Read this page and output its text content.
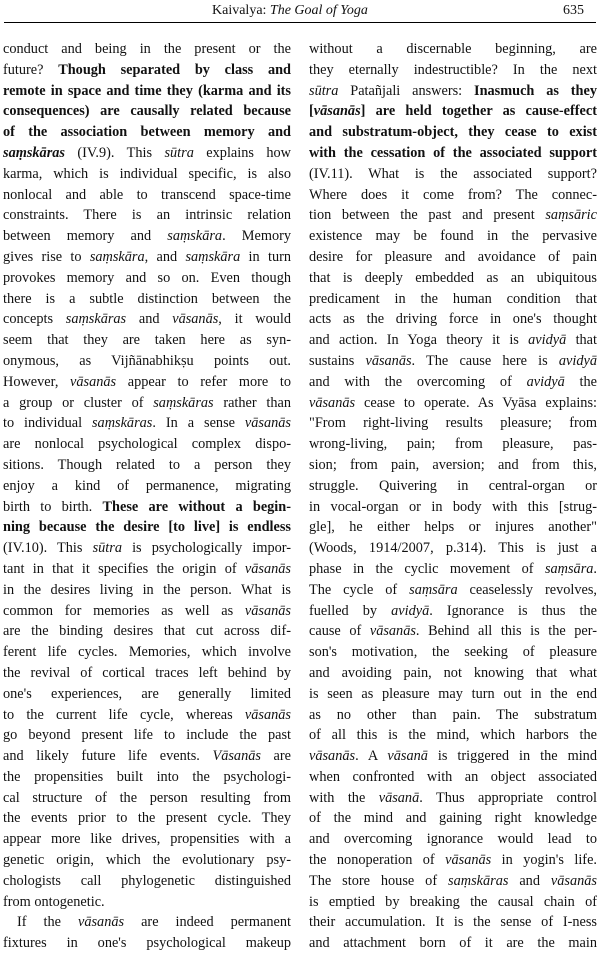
Kaivalya: The Goal of Yoga	635
conduct and being in the present or the
future? Though separated by class and
remote in space and time they (karma and its
consequences) are causally related because
of the association between memory and
saṃskāras (IV.9). This sūtra explains how
karma, which is individual specific, is also
nonlocal and able to transcend space-time
constraints. There is an intrinsic relation
between memory and saṃskāra. Memory
gives rise to saṃskāra, and saṃskāra in turn
provokes memory and so on. Even though
there is a subtle distinction between the
concepts saṃskāras and vāsanās, it would
seem that they are taken here as syn-
onymous, as Vijñānabhikṣu points out.
However, vāsanās appear to refer more to
a group or cluster of saṃskāras rather than
to individual saṃskāras. In a sense vāsanās
are nonlocal psychological complex dispo-
sitions. Though related to a person they
enjoy a kind of permanence, migrating
birth to birth. These are without a begin-
ning because the desire [to live] is endless
(IV.10). This sūtra is psychologically impor-
tant in that it specifies the origin of vāsanās
in the desires living in the person. What is
common for memories as well as vāsanās
are the binding desires that cut across dif-
ferent life cycles. Memories, which involve
the revival of cortical traces left behind by
one's experiences, are generally limited
to the current life cycle, whereas vāsanās
go beyond present life to include the past
and likely future life events. Vāsanās are
the propensities built into the psychologi-
cal structure of the person resulting from
the events prior to the present cycle. They
appear more like drives, propensities with a
genetic origin, which the evolutionary psy-
chologists call phylogenetic distinguished
from ontogenetic.
If the vāsanās are indeed permanent
fixtures in one's psychological makeup
without a discernable beginning, are
they eternally indestructible? In the next
sūtra Patañjali answers: Inasmuch as they
[vāsanās] are held together as cause-effect
and substratum-object, they cease to exist
with the cessation of the associated support
(IV.11). What is the associated support?
Where does it come from? The connec-
tion between the past and present saṃsāric
existence may be found in the pervasive
desire for pleasure and avoidance of pain
that is deeply embedded as an ubiquitous
predicament in the human condition that
acts as the driving force in one's thought
and action. In Yoga theory it is avidyā that
sustains vāsanās. The cause here is avidyā
and with the overcoming of avidyā the
vāsanās cease to operate. As Vyāsa explains:
"From right-living results pleasure; from
wrong-living, pain; from pleasure, pas-
sion; from pain, aversion; and from this,
struggle. Quivering in central-organ or
in vocal-organ or in body with this [strug-
gle], he either helps or injures another"
(Woods, 1914/2007, p.314). This is just a
phase in the cyclic movement of saṃsāra.
The cycle of saṃsāra ceaselessly revolves,
fuelled by avidyā. Ignorance is thus the
cause of vāsanās. Behind all this is the per-
son's motivation, the seeking of pleasure
and avoiding pain, not knowing that what
is seen as pleasure may turn out in the end
as no other than pain. The substratum
of all this is the mind, which harbors the
vāsanās. A vāsanā is triggered in the mind
when confronted with an object associated
with the vāsanā. Thus appropriate control
of the mind and gaining right knowledge
and overcoming ignorance would lead to
the nonoperation of vāsanās in yogin's life.
The store house of saṃskāras and vāsanās
is emptied by breaking the causal chain of
their accumulation. It is the sense of I-ness
and attachment born of it are the main
